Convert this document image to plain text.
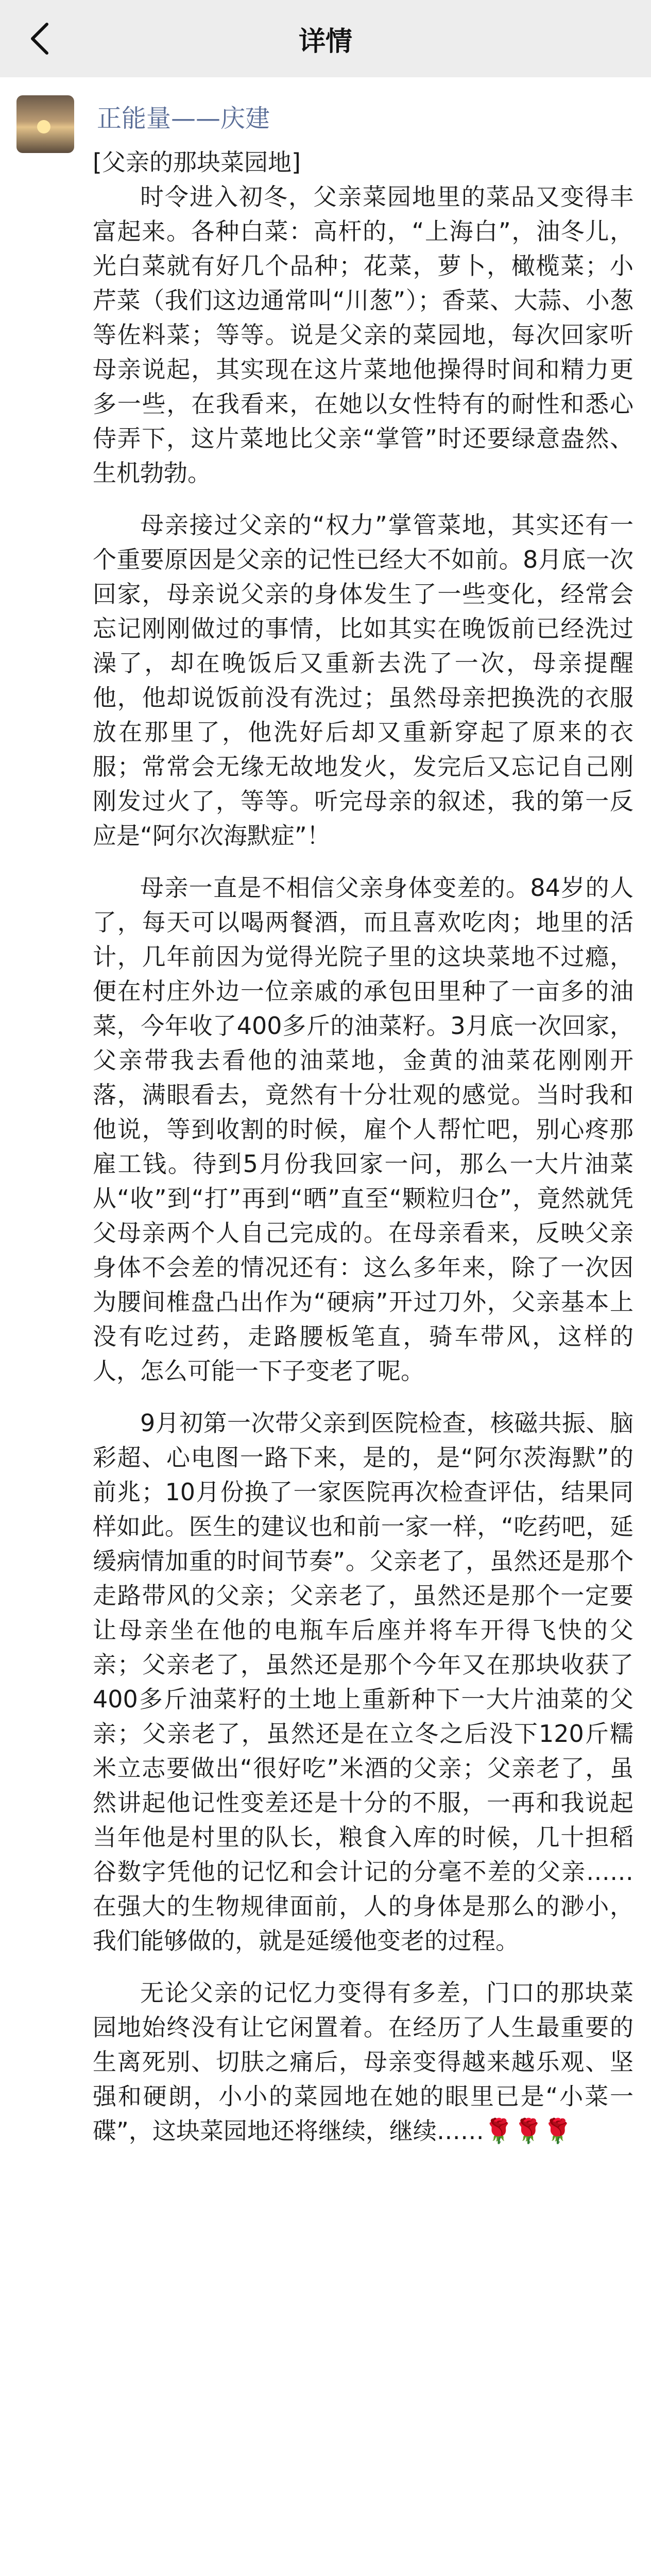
详情
正能量——庆建

[父亲的那块菜园地]

时令进入初冬，父亲菜园地里的菜品又变得丰富起来。各种白菜：高杆的，“上海白”，油冬儿，光白菜就有好几个品种；花菜，萝卜，橄榄菜；小芹菜（我们这边通常叫“川葱”）；香菜、大蒜、小葱等佐料菜；等等。说是父亲的菜园地，每次回家听母亲说起，其实现在这片菜地他操得时间和精力更多一些，在我看来，在她以女性特有的耐性和悉心侍弄下，这片菜地比父亲“掌管”时还要绿意盎然、生机勃勃。

母亲接过父亲的“权力”掌管菜地，其实还有一个重要原因是父亲的记性已经大不如前。8月底一次回家，母亲说父亲的身体发生了一些变化，经常会忘记刚刚做过的事情，比如其实在晚饭前已经洗过澡了，却在晚饭后又重新去洗了一次，母亲提醒他，他却说饭前没有洗过；虽然母亲把换洗的衣服放在那里了，他洗好后却又重新穿起了原来的衣服；常常会无缘无故地发火，发完后又忘记自己刚刚发过火了，等等。听完母亲的叙述，我的第一反应是“阿尔次海默症”！

母亲一直是不相信父亲身体变差的。84岁的人了，每天可以喝两餐酒，而且喜欢吃肉；地里的活计，几年前因为觉得光院子里的这块菜地不过瘾，便在村庄外边一位亲戚的承包田里种了一亩多的油菜，今年收了400多斤的油菜籽。3月底一次回家，父亲带我去看他的油菜地，金黄的油菜花刚刚开落，满眼看去，竟然有十分壮观的感觉。当时我和他说，等到收割的时候，雇个人帮忙吧，别心疼那雇工钱。待到5月份我回家一问，那么一大片油菜从“收”到“打”再到“晒”直至“颗粒归仓”，竟然就凭父母亲两个人自己完成的。在母亲看来，反映父亲身体不会差的情况还有：这么多年来，除了一次因为腰间椎盘凸出作为“硬病”开过刀外，父亲基本上没有吃过药，走路腰板笔直，骑车带风，这样的人，怎么可能一下子变老了呢。

9月初第一次带父亲到医院检查，核磁共振、脑彩超、心电图一路下来，是的，是“阿尔茨海默”的前兆；10月份换了一家医院再次检查评估，结果同样如此。医生的建议也和前一家一样，“吃药吧，延缓病情加重的时间节奏”。父亲老了，虽然还是那个走路带风的父亲；父亲老了，虽然还是那个一定要让母亲坐在他的电瓶车后座并将车开得飞快的父亲；父亲老了，虽然还是那个今年又在那块收获了400多斤油菜籽的土地上重新种下一大片油菜的父亲；父亲老了，虽然还是在立冬之后没下120斤糯米立志要做出“很好吃”米酒的父亲；父亲老了，虽然讲起他记性变差还是十分的不服，一再和我说起当年他是村里的队长，粮食入库的时候，几十担稻谷数字凭他的记忆和会计记的分毫不差的父亲……在强大的生物规律面前，人的身体是那么的渺小，我们能够做的，就是延缓他变老的过程。

无论父亲的记忆力变得有多差，门口的那块菜园地始终没有让它闲置着。在经历了人生最重要的生离死别、切肤之痛后，母亲变得越来越乐观、坚强和硬朗，小小的菜园地在她的眼里已是“小菜一碟”，这块菜园地还将继续，继续……🌹🌹🌹
